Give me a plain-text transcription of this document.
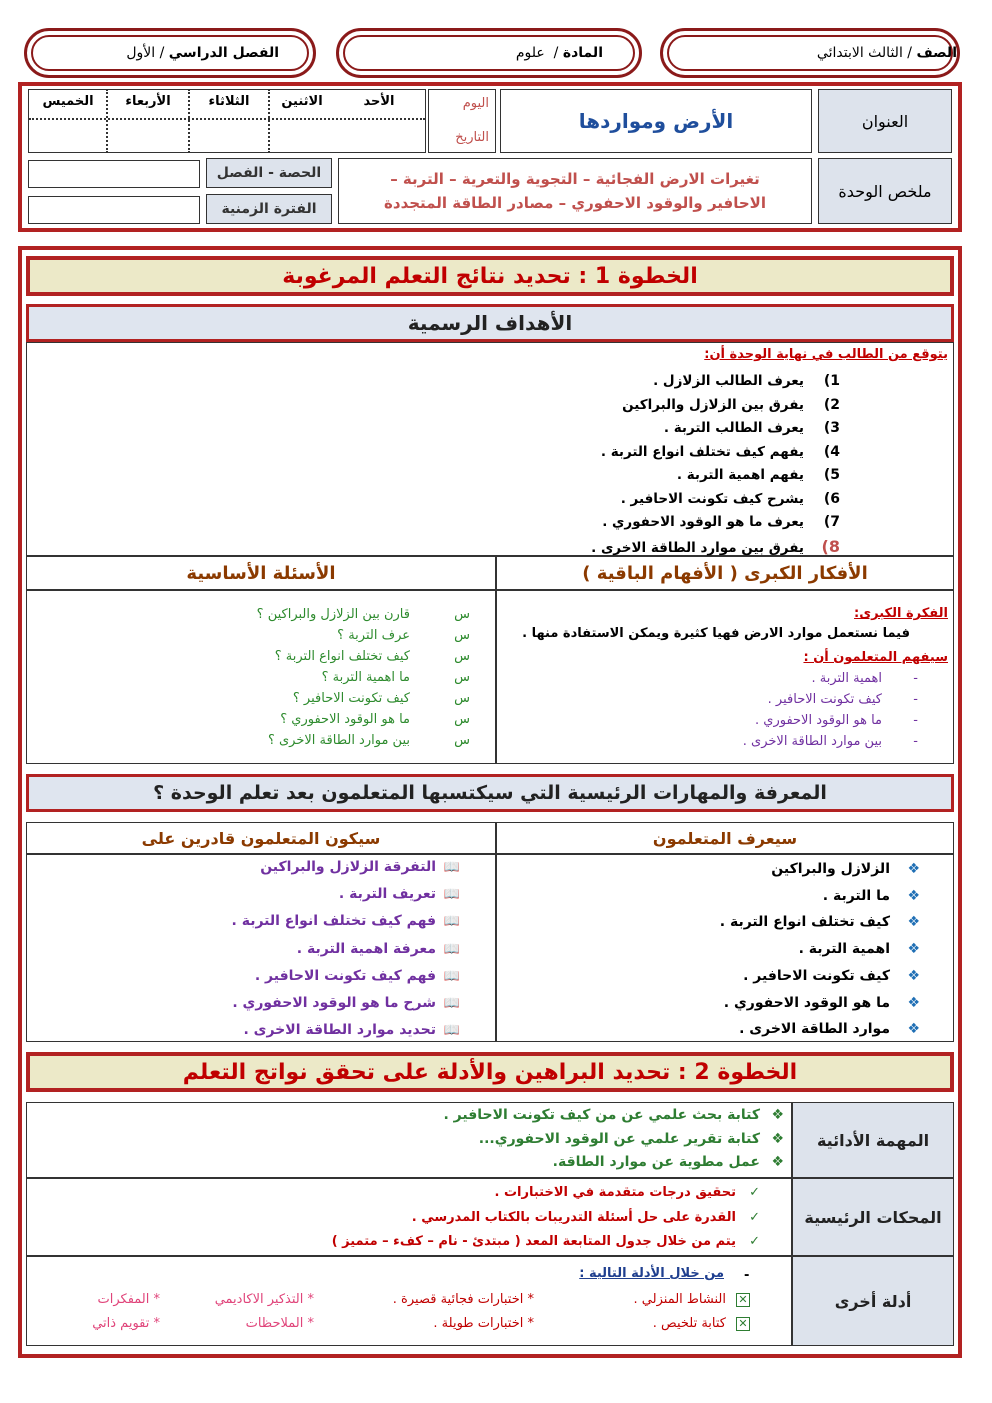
الصف
/
الثالث الابتدائي
المادة
/
علوم
الفصل الدراسي
/
الأول
العنوان
الأرض ومواردها
اليوم
التاريخ
الأحد
الاثنين
الثلاثاء
الأربعاء
الخميس
ملخص الوحدة
تغيرات الارض الفجائية – التجوية والتعرية – التربة –
الاحافير والوقود الاحفوري – مصادر الطاقة المتجددة
الحصة - الفصل
الفترة الزمنية
الخطوة 1 : تحديد نتائج التعلم المرغوبة
الأهداف الرسمية
يتوقع من الطالب في نهاية الوحدة أن:
1)يعرف الطالب الزلازل .
2)يفرق بين الزلازل والبراكين
3)يعرف الطالب التربة .
4)يفهم كيف تختلف انواع التربة .
5)يفهم اهمية التربة .
6)يشرح كيف تكونت الاحافير .
7)يعرف ما هو الوقود الاحفوري .
8)يفرق بين موارد الطاقة الاخرى .
الأفكار الكبرى ( الأفهام الباقية )
الأسئلة الأساسية
الفكرة الكبرى:
فيما نستعمل موارد الارض فهيا كثيرة ويمكن الاستفادة منها .
سيفهم المتعلمون أن :
-اهمية التربة .
-كيف تكونت الاحافير .
-ما هو الوقود الاحفوري .
-بين موارد الطاقة الاخرى .
سقارن بين الزلازل والبراكين ؟
سعرف التربة ؟
سكيف تختلف انواع التربة ؟
سما اهمية التربة ؟
سكيف تكونت الاحافير ؟
سما هو الوقود الاحفوري ؟
سبين موارد الطاقة الاخرى ؟
المعرفة والمهارات الرئيسية التي سيكتسبها المتعلمون بعد تعلم الوحدة ؟
سيعرف المتعلمون
سيكون المتعلمون قادرين على
❖الزلازل والبراكين
❖ما التربة .
❖كيف تختلف انواع التربة .
❖اهمية التربة .
❖كيف تكونت الاحافير .
❖ما هو الوقود الاحفوري .
❖موارد الطاقة الاخرى .
📖التفرقة الزلازل والبراكين
📖تعريف التربة .
📖فهم كيف تختلف انواع التربة .
📖معرفة اهمية التربة .
📖فهم كيف تكونت الاحافير .
📖شرح ما هو الوقود الاحفوري .
📖تحديد موارد الطاقة الاخرى .
الخطوة 2 : تحديد البراهين والأدلة على تحقق نواتج التعلم
المهمة الأدائية
❖كتابة بحث علمي عن من كيف تكونت الاحافير .
❖كتابة تقرير علمي عن الوقود الاحفوري...
❖عمل مطوية عن موارد الطاقة.
المحكات الرئيسية
✓تحقيق درجات متقدمة في الاختبارات .
✓القدرة على حل أسئلة التدريبات بالكتاب المدرسي .
✓يتم من خلال جدول المتابعة المعد ( مبتدئ - نام – كفء – متميز )
أدلة أخرى
-
من خلال الأدلة التالية :
✕النشاط المنزلي .
✕كتابة تلخيص .
* اختبارات فجائية قصيرة .
* اختبارات طويلة .
* التذكير الاكاديمي
* الملاحظات
* المفكرات
* تقويم ذاتي
